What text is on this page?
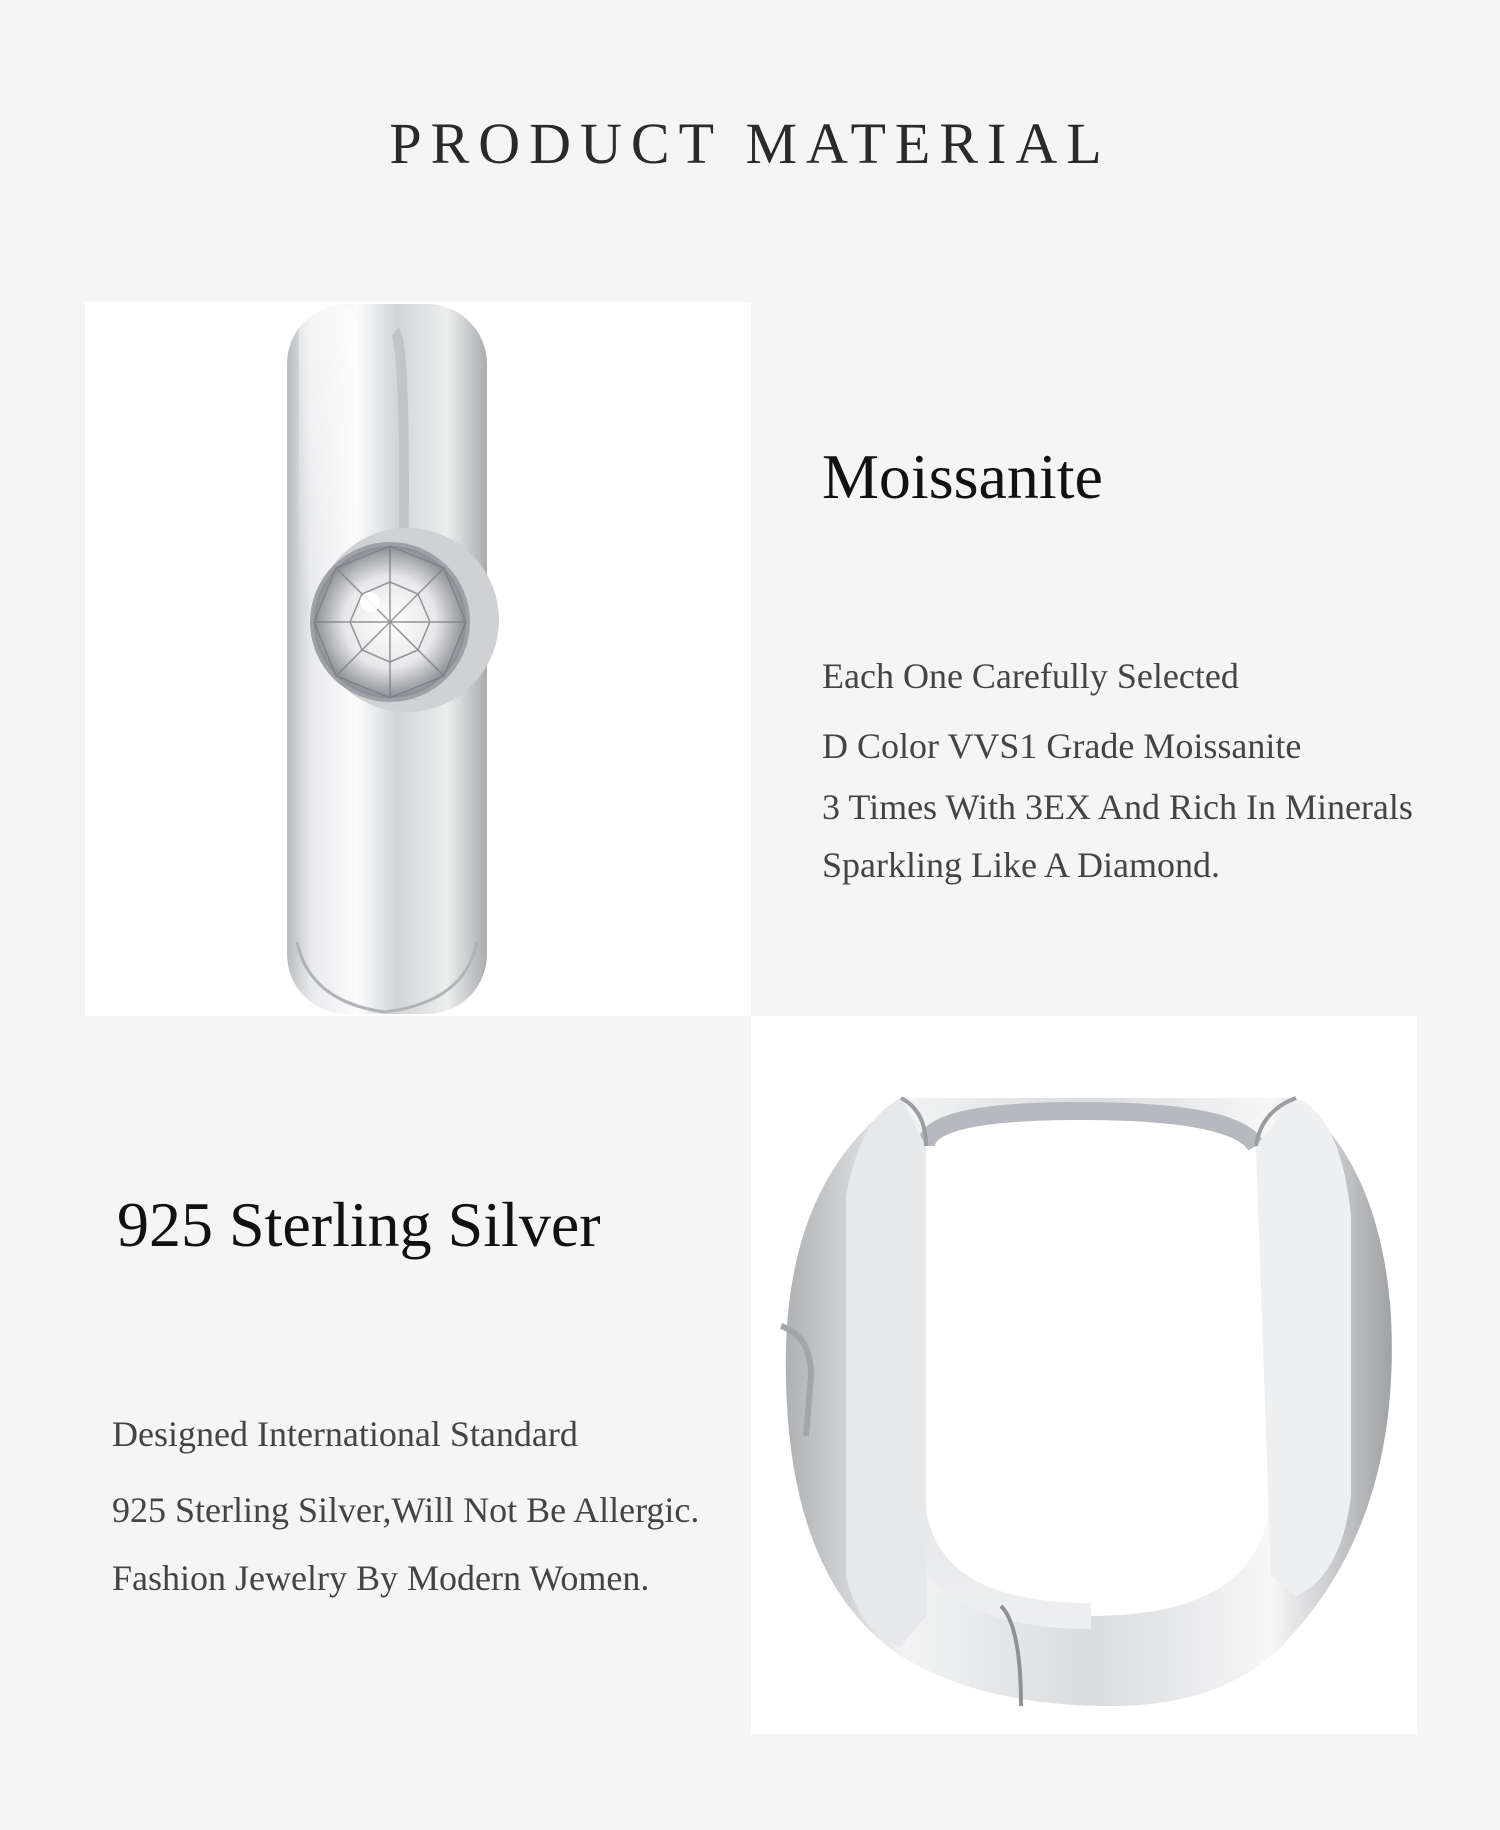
PRODUCT MATERIAL
Moissanite
Each One Carefully Selected
D Color VVS1 Grade Moissanite
3 Times With 3EX And Rich In Minerals
Sparkling Like A Diamond.
925 Sterling Silver
Designed International Standard
925 Sterling Silver,Will Not Be Allergic.
Fashion Jewelry By Modern Women.
